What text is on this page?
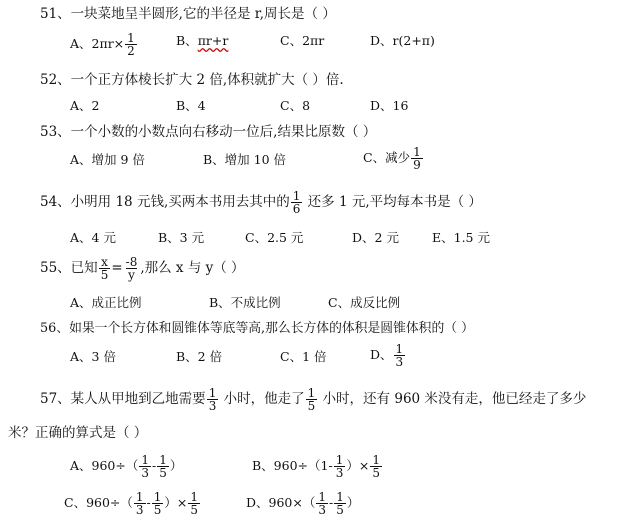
51、一块菜地呈半圆形,它的半径是 r,周长是（ ）
A、$2\pi r\times \frac{1}{2}$	B、πr+r	C、2πr	D、r(2+π)
52、一个正方体棱长扩大 2 倍,体积就扩大（ ）倍.
A、2	B、4	C、8	D、16
53、一个小数的小数点向右移动一位后,结果比原数（ ）
A、增加 9 倍	B、增加 10 倍	C、减少 $\frac{1}{9}$
54、小明用 18 元钱,买两本书用去其中的 $\frac{1}{6}$ 还多 1 元,平均每本书是（ ）
A、4 元	B、3 元	C、2.5 元	D、2 元	E、1.5 元
55、已知 $\frac{x}{5} = \frac{-8}{y}$ ,那么 x 与 y（ ）
A、成正比例	B、不成比例	C、成反比例
56、如果一个长方体和圆锥体等底等高,那么长方体的体积是圆锥体积的（ ）
A、3 倍	B、2 倍	C、1 倍	D、 $\frac{1}{3}$
57、某人从甲地到乙地需要 $\frac{1}{3}$ 小时，他走了 $\frac{1}{5}$ 小时，还有 960 米没有走，他已经走了多少
米？正确的算式是（ ）
A、$960\div( \frac{1}{3} - \frac{1}{5}$ ）	B、$960\div(1- \frac{1}{3}$ ）× $\frac{1}{5}$
C、$960\div( \frac{1}{3} - \frac{1}{5}$ ）× $\frac{1}{5}$	D、$960\times( \frac{1}{3} - \frac{1}{5}$ ）
